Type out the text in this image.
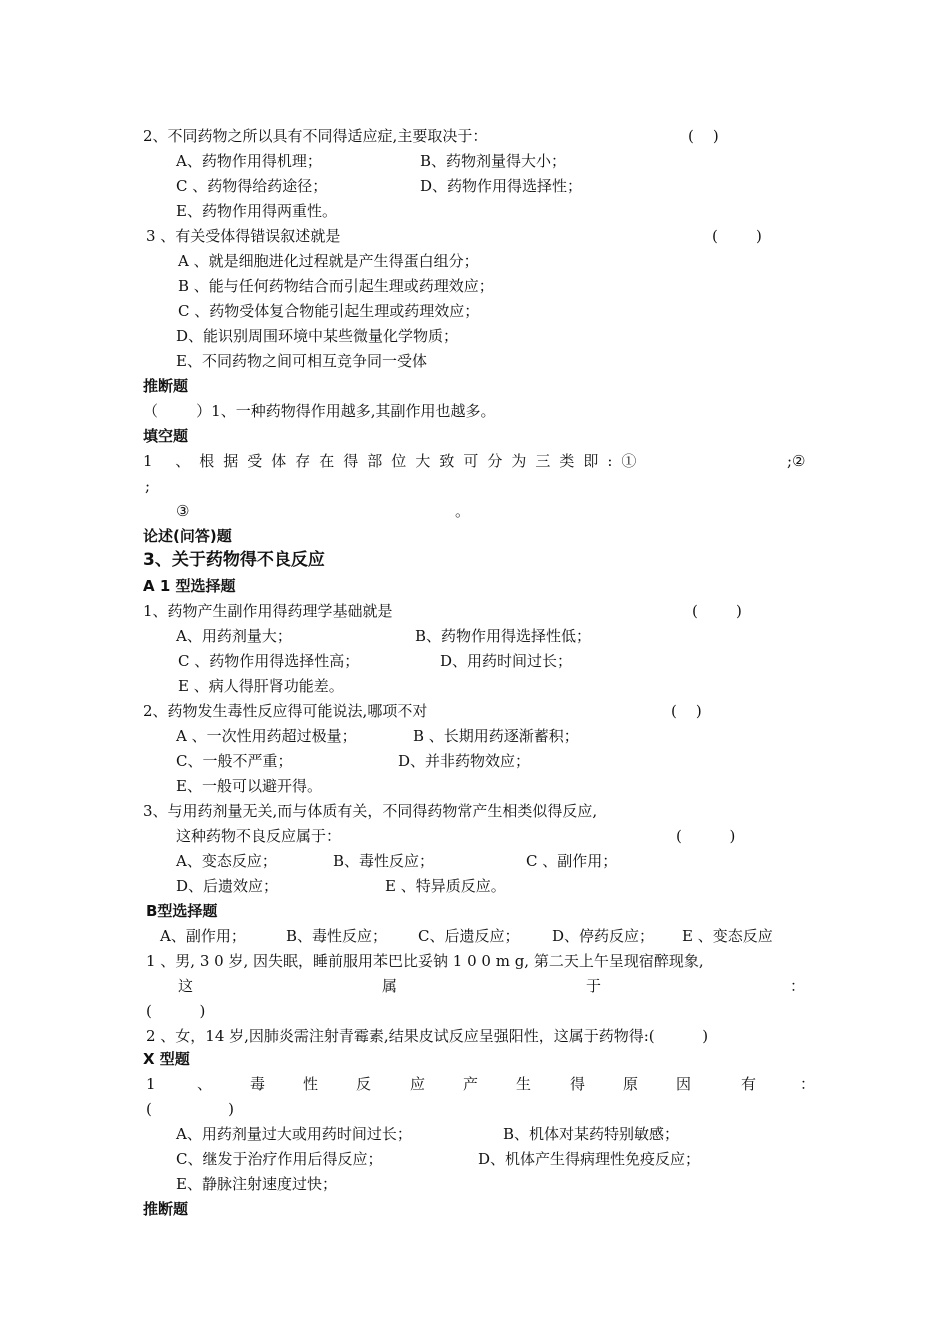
2、不同药物之所以具有不同得适应症,主要取决于：	(    )
A、药物作用得机理；	B、药物剂量得大小；
C 、药物得给药途径；	D、药物作用得选择性；
E、药物作用得两重性。
3 、有关受体得错误叙述就是	(        )
A 、就是细胞进化过程就是产生得蛋白组分；
B 、能与任何药物结合而引起生理或药理效应；
C 、药物受体复合物能引起生理或药理效应；
D、能识别周围环境中某些微量化学物质；
E、不同药物之间可相互竞争同一受体
推断题
（        ）1、一种药物得作用越多,其副作用也越多。
填空题
1 、根据受体存在得部位大致可分为三类即:①	;②
;
③	。
论述(问答)题
3、关于药物得不良反应
A 1 型选择题
1、药物产生副作用得药理学基础就是	(        )
A、用药剂量大；	B、药物作用得选择性低；
C 、药物作用得选择性高；	D、用药时间过长；
E 、病人得肝肾功能差。
2、药物发生毒性反应得可能说法,哪项不对	(    )
A 、一次性用药超过极量；	B 、长期用药逐渐蓄积；
C、一般不严重；	D、并非药物效应；
E、一般可以避开得。
3、与用药剂量无关,而与体质有关，不同得药物常产生相类似得反应,
这种药物不良反应属于：	(          )
A、变态反应；	B、毒性反应；	C 、副作用；
D、后遗效应；	E 、特异质反应。
B型选择题
A、副作用；	B、毒性反应； C、后遗反应； D、停药反应； E 、变态反应
1 、男, 3 0 岁, 因失眠，睡前服用苯巴比妥钠 1 0 0 m g, 第二天上午呈现宿醉现象,
这	属	于	：
(          )
2 、女，14 岁,因肺炎需注射青霉素,结果皮试反应呈强阳性，这属于药物得:(          )
X 型题
1	、	毒	性	反	应	产	生	得	原	因	有	：
(                )
A、用药剂量过大或用药时间过长；	B、机体对某药特别敏感；
C、继发于治疗作用后得反应；	D、机体产生得病理性免疫反应；
E、静脉注射速度过快；
推断题
